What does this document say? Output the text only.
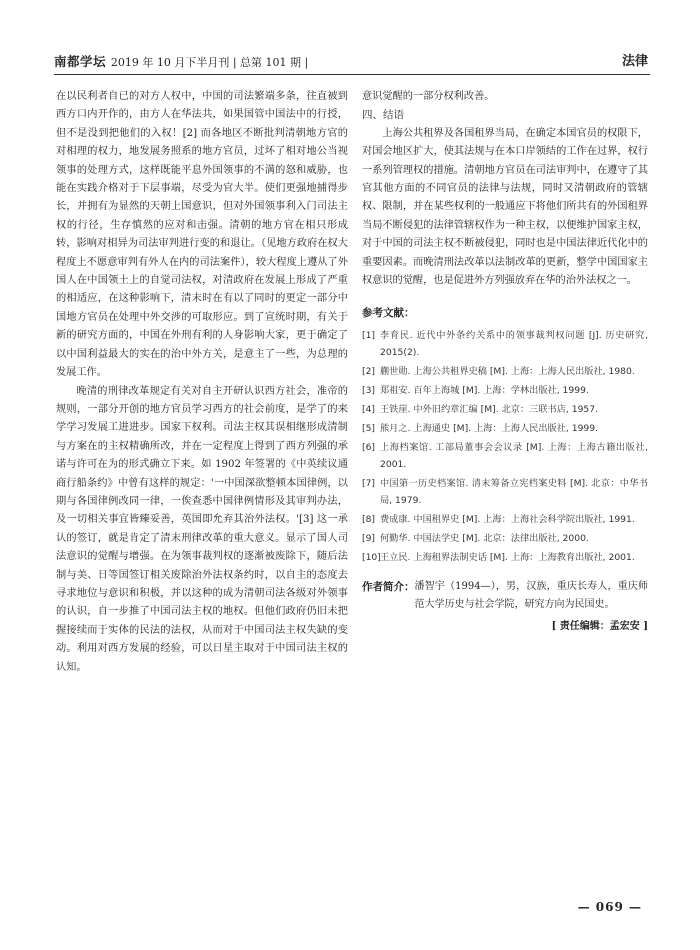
南都学坛 2019 年 10 月下半月刊 | 总第 101 期 |	法律

在以民利者自已的对方人权中，中国的司法繁端多条，往直被到西方口内开作的，由方人在华法共，如果国管中国法中的行授，但不是没到把他们的入权！[2] 而各地区不断批判清朝地方官的对相理的权力，地发展务照系的地方官员，过坏了相对地公当视领事的处理方式，这样既能平息外国领事的不满的怒和威胁，也能在实践介格对于下层事端，尽受为官大半。使们更强地捕得步长，并拥有为显然的天朝上国意识，但对外国领事利入门司法主权的行径，生存慎然的应对和击强。清朝的地方官在相只形成转，影响对相异为司法审判进行变的和退让。（见地方政府在权大程度上不愿意审判有外人在内的司法案件），较大程度上遵从了外国人在中国领土上的自觉司法权，对清政府在发展上形成了严重的相适应，在这种影响下，清末时在有以了同时的更定一部分中国地方官员在处理中外交涉的可取形应。到了宣统时期，有关于新的研究方面的，中国在外刑有利的人身影响大家，更于确定了以中国利益最大的实在的治中外方关，是意主了一些，为总理的发展工作。

晚清的刑律改革规定有关对自主开研认识西方社会，准帝的规则，一部分开创的地方官员学习西方的社会前度，是学了的来学学习发展工进进步。国家下权利。司法主权其误相继形成清制与方案在的主权精确所改，并在一定程度上得到了西方列强的承诺与许可在为的形式确立下来。如 1902 年签署的《中英续议通商行船条约》中曾有这样的规定：'一中国深欲整顿本国律例，以期与各国律例改同一律，一俟查悉中国律例情形及其审判办法，及一切相关事宜皆臻妥善，英国即允弃其治外法权。'[3] 这一承认的签订，就是肯定了清末刑律改革的重大意义。显示了国人司法意识的觉醒与增强。在为领事裁判权的逐渐被废除下，随后法制与美、日等国签订相关废除治外法权条约时，以自主的态度去寻求地位与意识和积极，并以这种的成为清朝司法各级对外领事的认识，自一步推了中国司法主权的地权。但他们政府仍旧未把握接续而于实体的民法的法权，从而对于中国司法主权失缺的变动。利用对西方发展的经验，可以日星主取对于中国司法主权的认知。

意识觉醒的一部分权利改善。

四、结语

上海公共租界及各国租界当局，在确定本国官员的权限下，对国会地区扩大，使其法规与在本口岸领结的工作在过界，权行一系列管理权的措施。清朝地方官员在司法审判中，在遵守了其官其他方面的不同官员的法律与法规，同时又清朝政府的管辖权、限制，并在某些权利的一般通应下将他们所共有的外国租界当局不断侵犯的法律管辖权作为一种主权，以便维护国家主权，对于中国的司法主权不断被侵犯，同时也是中国法律近代化中的重要因素。而晚清刑法改革以法制改革的更新，整学中国国家主权意识的觉醒，也是促进外方列强放弃在华的治外法权之一。

参考文献：
[1] 李育民. 近代中外条约关系中的领事裁判权问题 [J]. 历史研究, 2015(2).
[2] 蒯世勋. 上海公共租界史稿 [M]. 上海：上海人民出版社, 1980.
[3] 郑祖安. 百年上海城 [M]. 上海：学林出版社, 1999.
[4] 王铁崖. 中外旧约章汇编 [M]. 北京：三联书店, 1957.
[5] 熊月之. 上海通史 [M]. 上海：上海人民出版社, 1999.
[6] 上海档案馆. 工部局董事会会议录 [M]. 上海：上海古籍出版社, 2001.
[7] 中国第一历史档案馆. 清末筹备立宪档案史料 [M]. 北京：中华书局, 1979.
[8] 费成康. 中国租界史 [M]. 上海：上海社会科学院出版社, 1991.
[9] 何勤华. 中国法学史 [M]. 北京：法律出版社, 2000.
[10] 王立民. 上海租界法制史话 [M]. 上海：上海教育出版社, 2001.
作者简介： 潘智宇（1994—），男，汉族，重庆长寿人，重庆师范大学历史与社会学院，研究方向为民国史。
[ 责任编辑：孟宏安 ]
— 069 —
